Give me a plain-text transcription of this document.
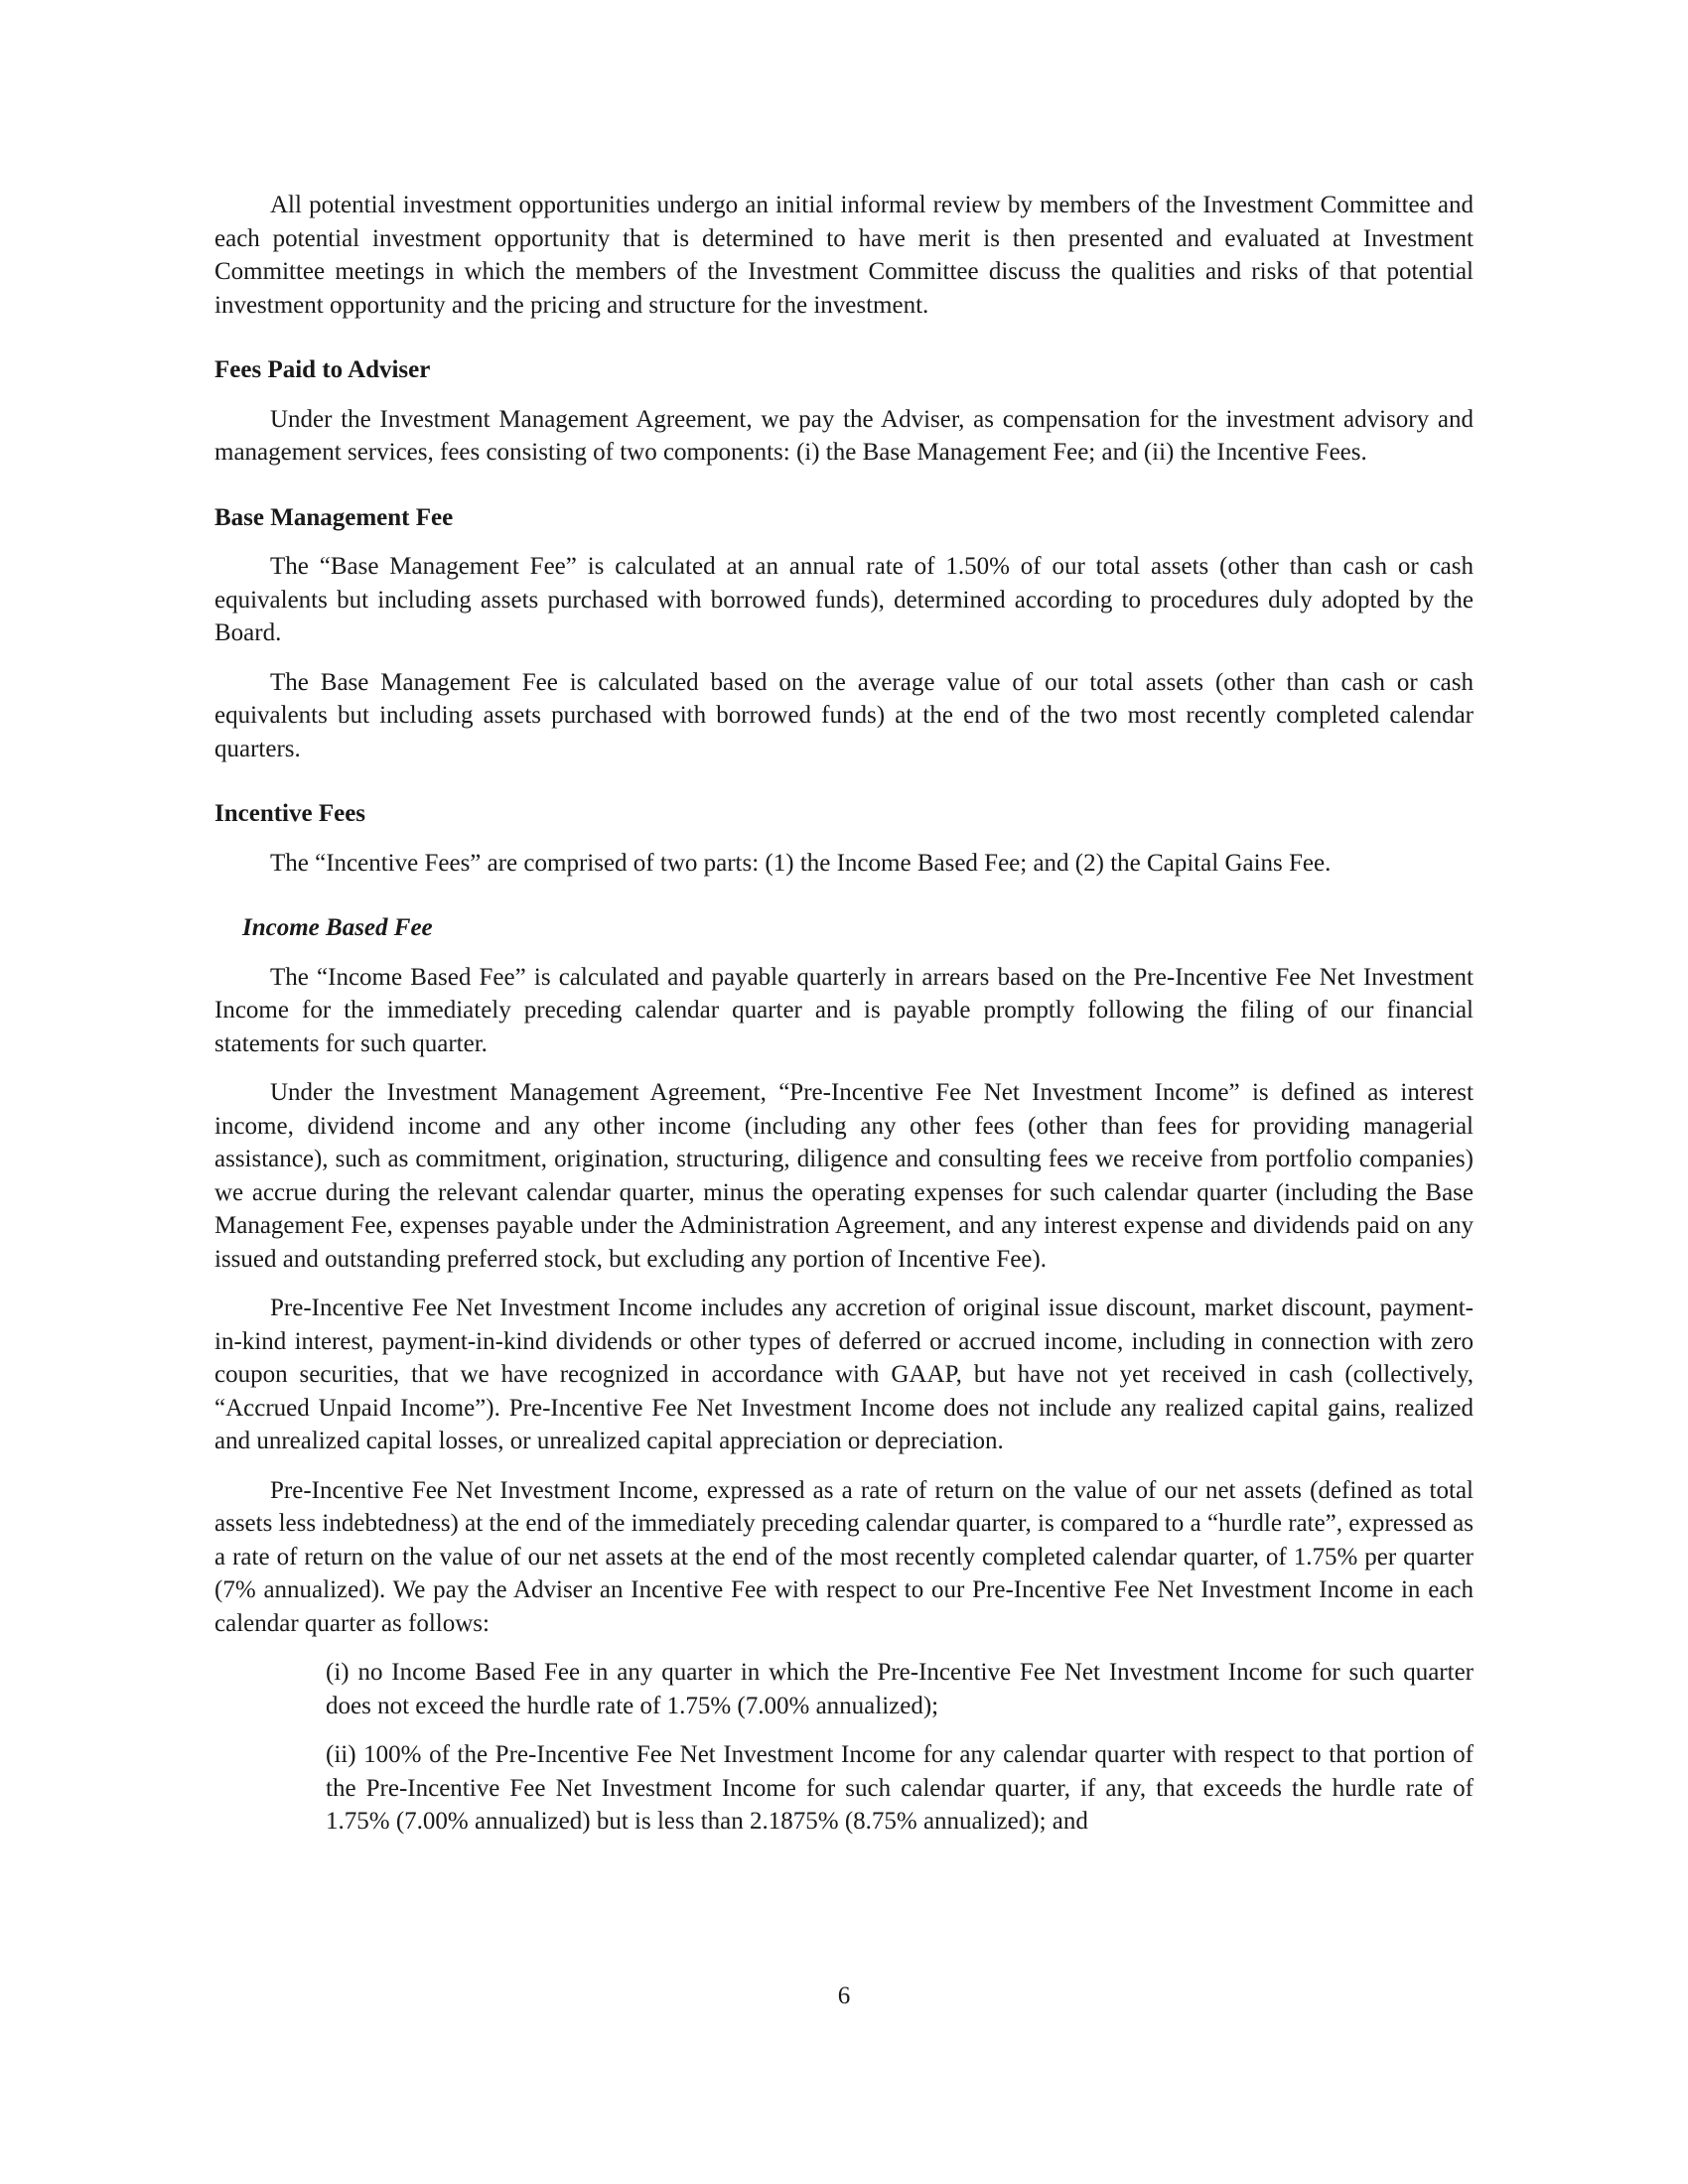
All potential investment opportunities undergo an initial informal review by members of the Investment Committee and each potential investment opportunity that is determined to have merit is then presented and evaluated at Investment Committee meetings in which the members of the Investment Committee discuss the qualities and risks of that potential investment opportunity and the pricing and structure for the investment.

Fees Paid to Adviser

Under the Investment Management Agreement, we pay the Adviser, as compensation for the investment advisory and management services, fees consisting of two components: (i) the Base Management Fee; and (ii) the Incentive Fees.

Base Management Fee

The “Base Management Fee” is calculated at an annual rate of 1.50% of our total assets (other than cash or cash equivalents but including assets purchased with borrowed funds), determined according to procedures duly adopted by the Board.

The Base Management Fee is calculated based on the average value of our total assets (other than cash or cash equivalents but including assets purchased with borrowed funds) at the end of the two most recently completed calendar quarters.

Incentive Fees

The “Incentive Fees” are comprised of two parts: (1) the Income Based Fee; and (2) the Capital Gains Fee.

Income Based Fee

The “Income Based Fee” is calculated and payable quarterly in arrears based on the Pre-Incentive Fee Net Investment Income for the immediately preceding calendar quarter and is payable promptly following the filing of our financial statements for such quarter.

Under the Investment Management Agreement, “Pre-Incentive Fee Net Investment Income” is defined as interest income, dividend income and any other income (including any other fees (other than fees for providing managerial assistance), such as commitment, origination, structuring, diligence and consulting fees we receive from portfolio companies) we accrue during the relevant calendar quarter, minus the operating expenses for such calendar quarter (including the Base Management Fee, expenses payable under the Administration Agreement, and any interest expense and dividends paid on any issued and outstanding preferred stock, but excluding any portion of Incentive Fee).

Pre-Incentive Fee Net Investment Income includes any accretion of original issue discount, market discount, payment-in-kind interest, payment-in-kind dividends or other types of deferred or accrued income, including in connection with zero coupon securities, that we have recognized in accordance with GAAP, but have not yet received in cash (collectively, “Accrued Unpaid Income”). Pre-Incentive Fee Net Investment Income does not include any realized capital gains, realized and unrealized capital losses, or unrealized capital appreciation or depreciation.

Pre-Incentive Fee Net Investment Income, expressed as a rate of return on the value of our net assets (defined as total assets less indebtedness) at the end of the immediately preceding calendar quarter, is compared to a “hurdle rate”, expressed as a rate of return on the value of our net assets at the end of the most recently completed calendar quarter, of 1.75% per quarter (7% annualized). We pay the Adviser an Incentive Fee with respect to our Pre-Incentive Fee Net Investment Income in each calendar quarter as follows:

(i) no Income Based Fee in any quarter in which the Pre-Incentive Fee Net Investment Income for such quarter does not exceed the hurdle rate of 1.75% (7.00% annualized);

(ii) 100% of the Pre-Incentive Fee Net Investment Income for any calendar quarter with respect to that portion of the Pre-Incentive Fee Net Investment Income for such calendar quarter, if any, that exceeds the hurdle rate of 1.75% (7.00% annualized) but is less than 2.1875% (8.75% annualized); and

6
